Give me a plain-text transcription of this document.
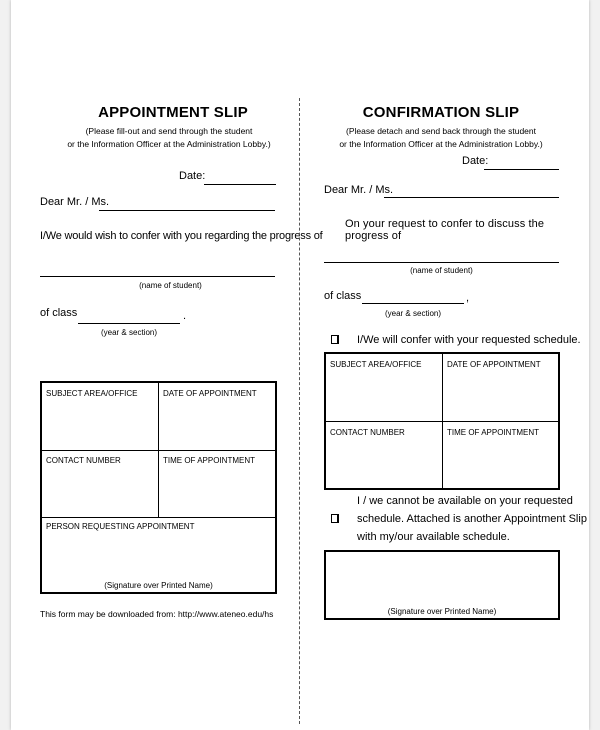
APPOINTMENT SLIP
(Please fill-out and send through the student
or the Information Officer at the Administration Lobby.)
Date:
Dear Mr. / Ms.
I/We would wish to confer with you regarding the progress of
(name of student)
of class	.
(year & section)
SUBJECT AREA/OFFICE	DATE OF APPOINTMENT
CONTACT NUMBER	TIME OF APPOINTMENT
PERSON REQUESTING APPOINTMENT
(Signature over Printed Name)
This form may be downloaded from: http://www.ateneo.edu/hs
CONFIRMATION SLIP
(Please detach and send back through the student
or the Information Officer at the Administration Lobby.)
Date:
Dear Mr. / Ms.
On your request to confer to discuss the progress of
(name of student)
of class	,
(year & section)
I/We will confer with your requested schedule.
SUBJECT AREA/OFFICE	DATE OF APPOINTMENT
CONTACT NUMBER	TIME OF APPOINTMENT
I / we cannot be available on your requested
schedule. Attached is another Appointment Slip
with my/our available schedule.
(Signature over Printed Name)
